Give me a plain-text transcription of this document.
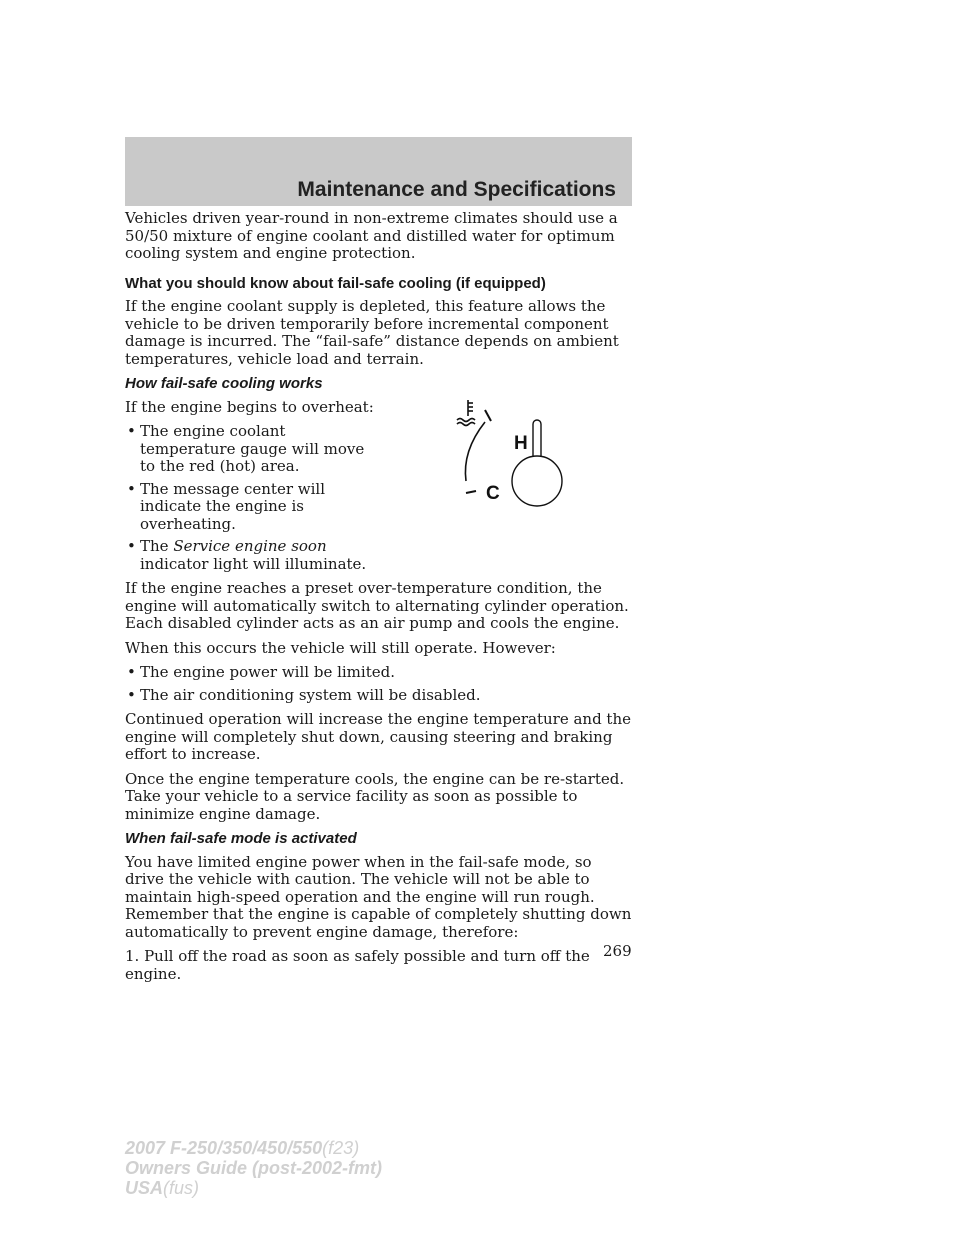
Maintenance and Specifications

Vehicles driven year-round in non-extreme climates should use a 50/50 mixture of engine coolant and distilled water for optimum cooling system and engine protection.

What you should know about fail-safe cooling (if equipped)

If the engine coolant supply is depleted, this feature allows the vehicle to be driven temporarily before incremental component damage is incurred. The “fail-safe” distance depends on ambient temperatures, vehicle load and terrain.

How fail-safe cooling works

If the engine begins to overheat:

• The engine coolant temperature gauge will move to the red (hot) area.
• The message center will indicate the engine is overheating.
• The Service engine soon indicator light will illuminate.

If the engine reaches a preset over-temperature condition, the engine will automatically switch to alternating cylinder operation. Each disabled cylinder acts as an air pump and cools the engine.

When this occurs the vehicle will still operate. However:

• The engine power will be limited.
• The air conditioning system will be disabled.

Continued operation will increase the engine temperature and the engine will completely shut down, causing steering and braking effort to increase.

Once the engine temperature cools, the engine can be re-started. Take your vehicle to a service facility as soon as possible to minimize engine damage.

When fail-safe mode is activated

You have limited engine power when in the fail-safe mode, so drive the vehicle with caution. The vehicle will not be able to maintain high-speed operation and the engine will run rough. Remember that the engine is capable of completely shutting down automatically to prevent engine damage, therefore:

1. Pull off the road as soon as safely possible and turn off the engine.

H
C
269
2007 F-250/350/450/550(f23)
Owners Guide (post-2002-fmt)
USA(fus)
